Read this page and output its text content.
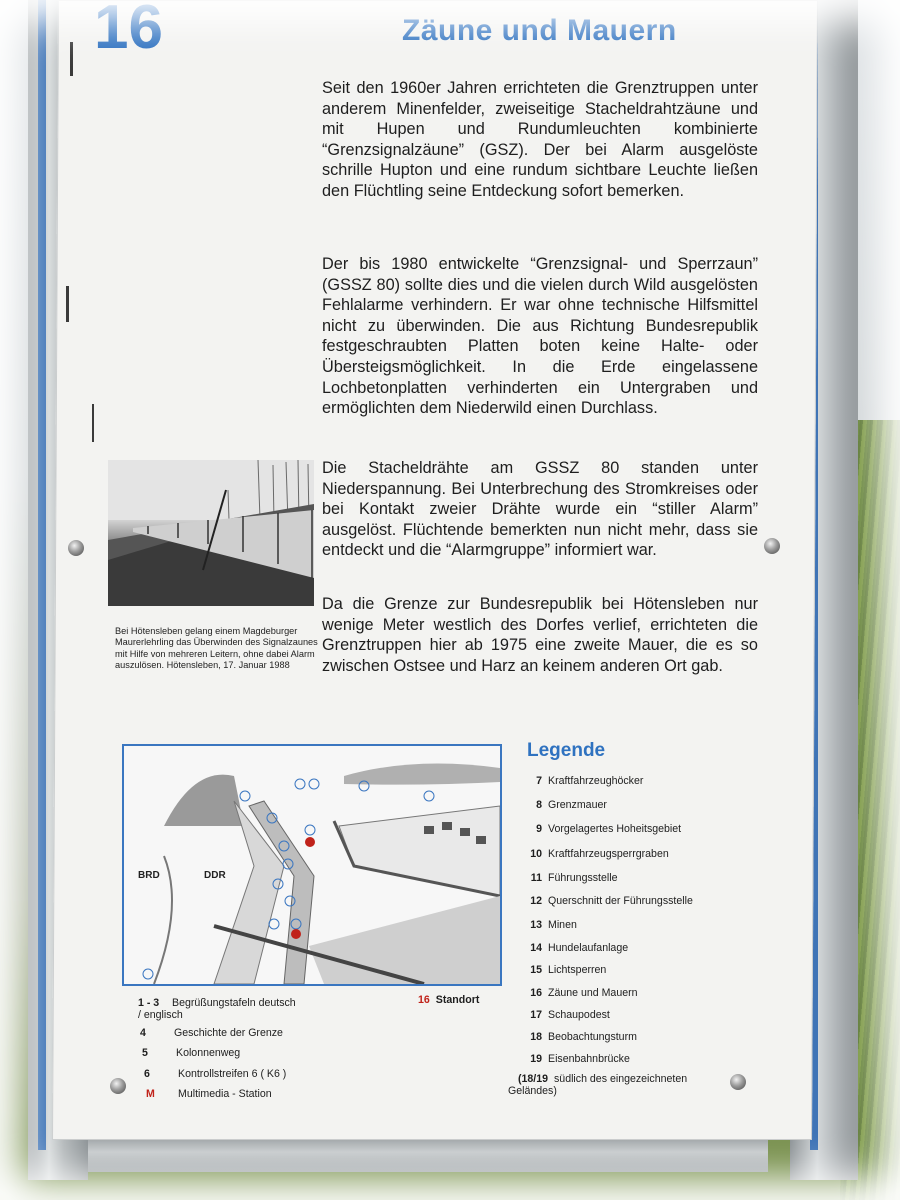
16	Zäune und Mauern
Seit den 1960er Jahren errichteten die Grenztruppen unter anderem Minenfelder, zweiseitige Stacheldrahtzäune und mit Hupen und Rundumleuchten kombinierte “Grenzsignalzäune” (GSZ). Der bei Alarm ausgelöste schrille Hupton und eine rundum sichtbare Leuchte ließen den Flüchtling seine Entdeckung sofort bemerken.
Der bis 1980 entwickelte “Grenzsignal- und Sperrzaun” (GSSZ 80) sollte dies und die vielen durch Wild ausgelösten Fehlalarme verhindern. Er war ohne technische Hilfsmittel nicht zu überwinden. Die aus Richtung Bundesrepublik festgeschraubten Platten boten keine Halte- oder Übersteigsmöglichkeit. In die Erde eingelassene Lochbetonplatten verhinderten ein Untergraben und ermöglichten dem Niederwild einen Durchlass.
Die Stacheldrähte am GSSZ 80 standen unter Niederspannung. Bei Unterbrechung des Stromkreises oder bei Kontakt zweier Drähte wurde ein “stiller Alarm” ausgelöst. Flüchtende bemerkten nun nicht mehr, dass sie entdeckt und die “Alarmgruppe” informiert war.
Da die Grenze zur Bundesrepublik bei Hötensleben nur wenige Meter westlich des Dorfes verlief, errichteten die Grenztruppen hier ab 1975 eine zweite Mauer, die es so zwischen Ostsee und Harz an keinem anderen Ort gab.
Bei Hötensleben gelang einem Magdeburger Maurerlehrling das Überwinden des Signalzaunes mit Hilfe von mehreren Leitern, ohne dabei Alarm auszulösen. Hötensleben, 17. Januar 1988
BRD	DDR
Legende
7 Kraftfahrzeughöcker
8 Grenzmauer
9 Vorgelagertes Hoheitsgebiet
10 Kraftfahrzeugsperrgraben
11 Führungsstelle
12 Querschnitt der Führungsstelle
13 Minen
14 Hundelaufanlage
15 Lichtsperren
16 Zäune und Mauern
17 Schaupodest
18 Beobachtungsturm
19 Eisenbahnbrücke
(18/19 südlich des eingezeichneten Geländes)
1 - 3 Begrüßungstafeln deutsch / englisch
4	Geschichte der Grenze
5	Kolonnenweg
6	Kontrollstreifen 6 ( K6 )
M Multimedia - Station
16 Standort
